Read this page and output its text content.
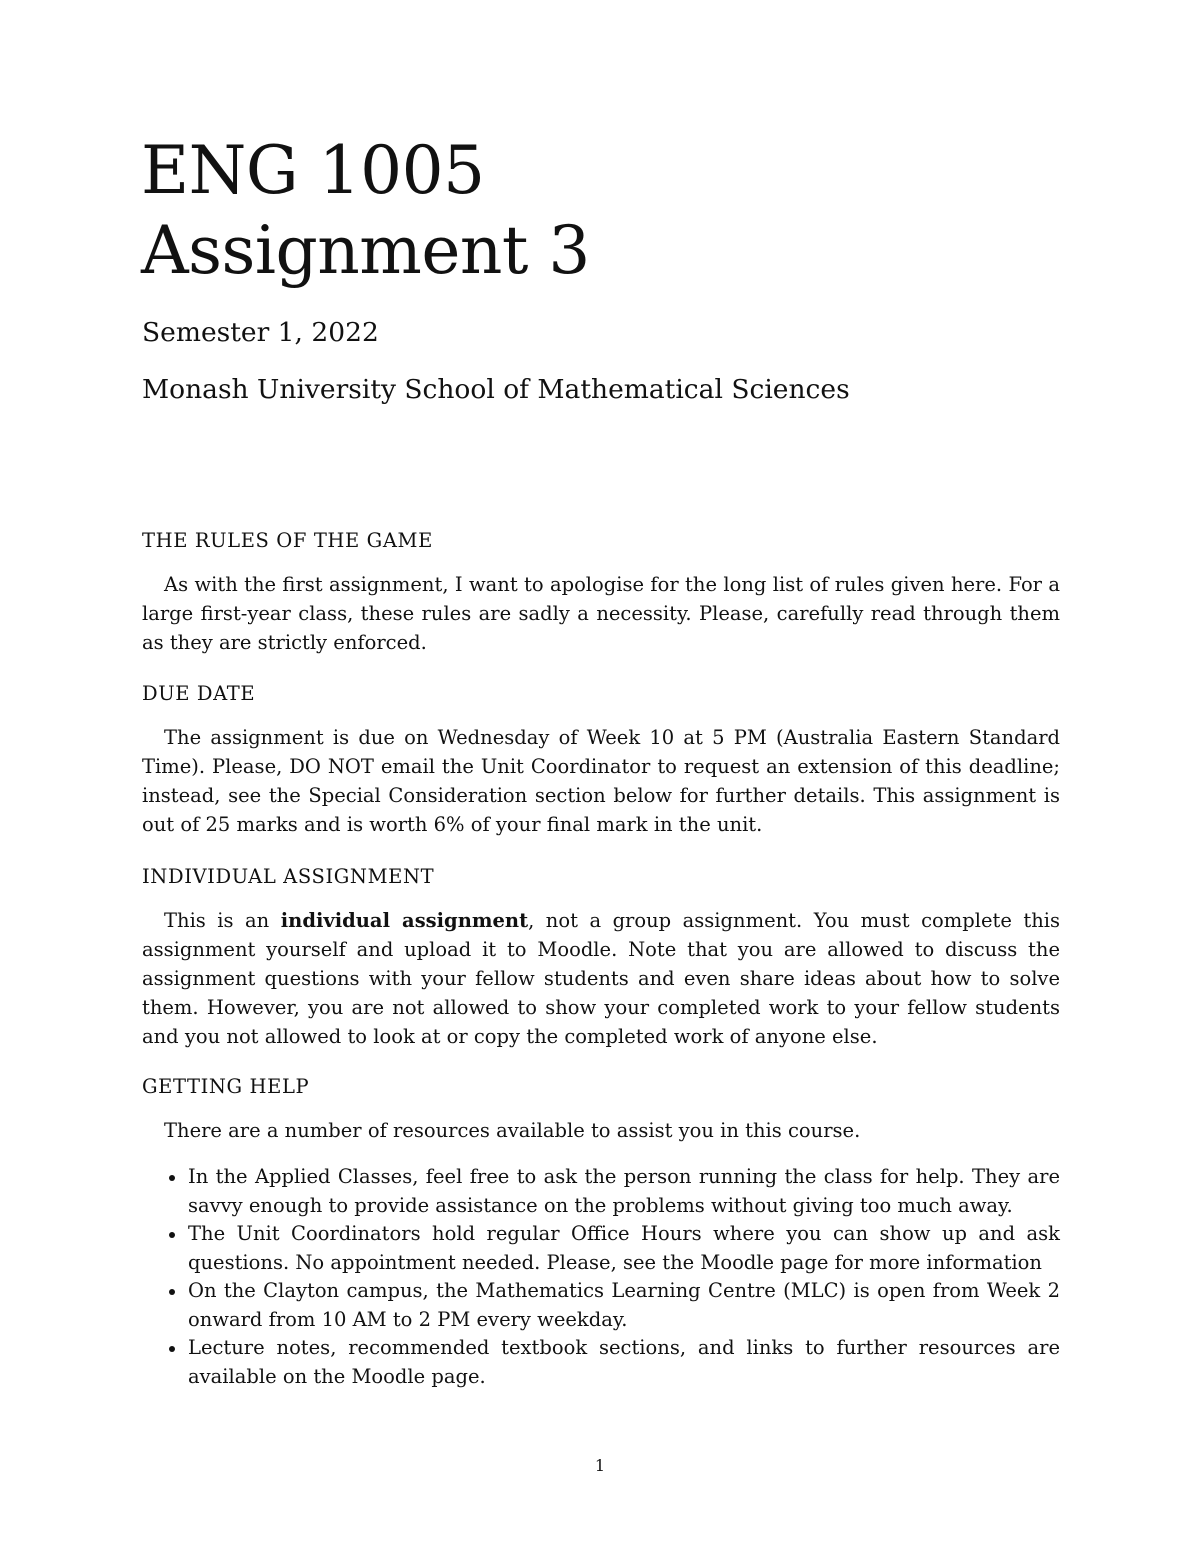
ENG 1005
Assignment 3
Semester 1, 2022
Monash University School of Mathematical Sciences
THE RULES OF THE GAME

As with the first assignment, I want to apologise for the long list of rules given here. For a large first-year class, these rules are sadly a necessity. Please, carefully read through them as they are strictly enforced.

DUE DATE

The assignment is due on Wednesday of Week 10 at 5 PM (Australia Eastern Standard Time). Please, DO NOT email the Unit Coordinator to request an extension of this deadline; instead, see the Special Consideration section below for further details. This assignment is out of 25 marks and is worth 6% of your final mark in the unit.

INDIVIDUAL ASSIGNMENT

This is an individual assignment, not a group assignment. You must complete this assignment yourself and upload it to Moodle. Note that you are allowed to discuss the assignment questions with your fellow students and even share ideas about how to solve them. However, you are not allowed to show your completed work to your fellow students and you not allowed to look at or copy the completed work of anyone else.

GETTING HELP

There are a number of resources available to assist you in this course.

In the Applied Classes, feel free to ask the person running the class for help. They are savvy enough to provide assistance on the problems without giving too much away.
The Unit Coordinators hold regular Office Hours where you can show up and ask questions. No appointment needed. Please, see the Moodle page for more information
On the Clayton campus, the Mathematics Learning Centre (MLC) is open from Week 2 onward from 10 AM to 2 PM every weekday.
Lecture notes, recommended textbook sections, and links to further resources are available on the Moodle page.
1
